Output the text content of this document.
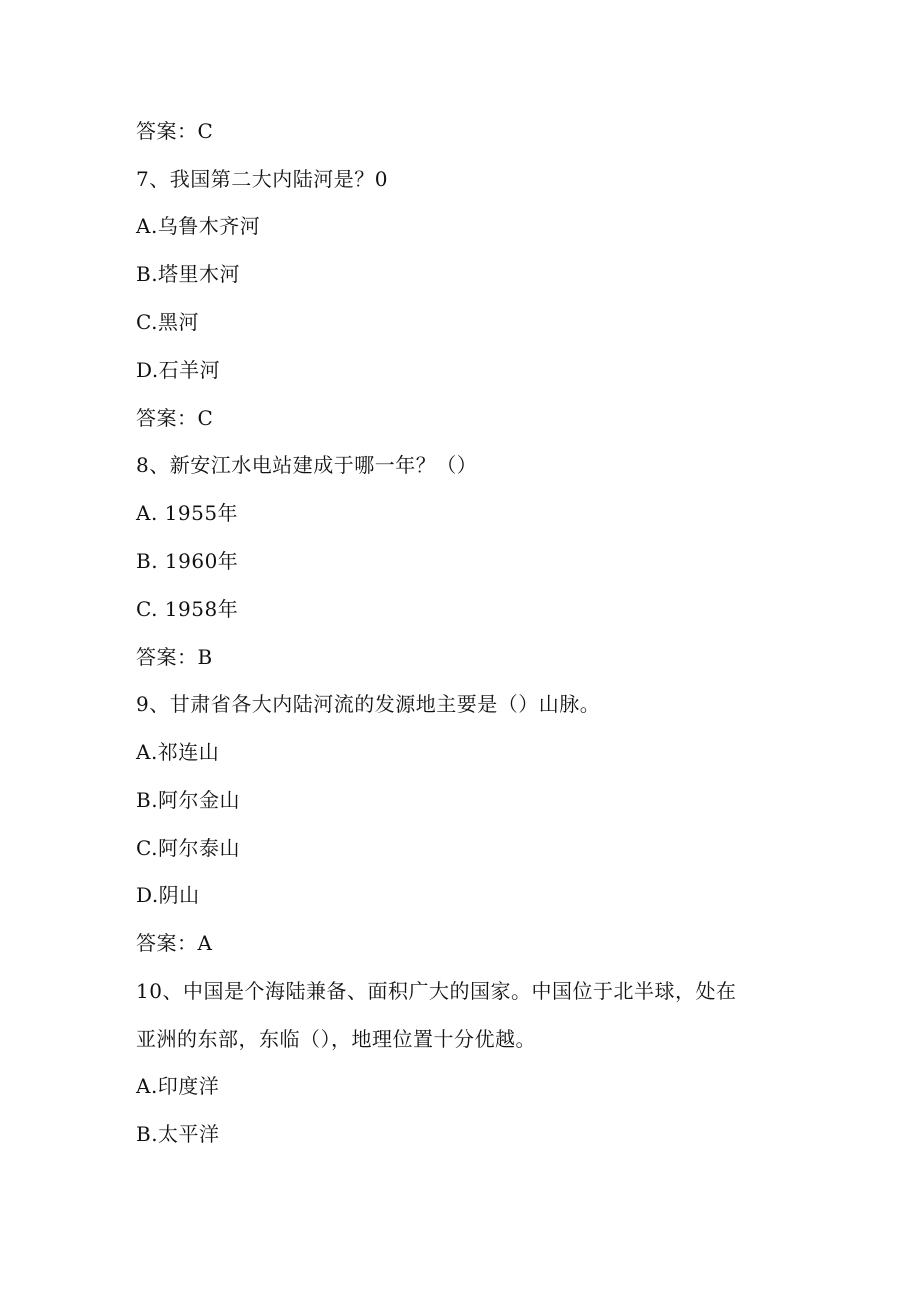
答案：C
7、我国第二大内陆河是？0
A.乌鲁木齐河
B.塔里木河
C.黑河
D.石羊河
答案：C
8、新安江水电站建成于哪一年？（）
A. 1955年
B. 1960年
C. 1958年
答案：B
9、甘肃省各大内陆河流的发源地主要是（）山脉。
A.祁连山
B.阿尔金山
C.阿尔泰山
D.阴山
答案：A
10、中国是个海陆兼备、面积广大的国家。中国位于北半球，处在
亚洲的东部，东临（），地理位置十分优越。
A.印度洋
B.太平洋
